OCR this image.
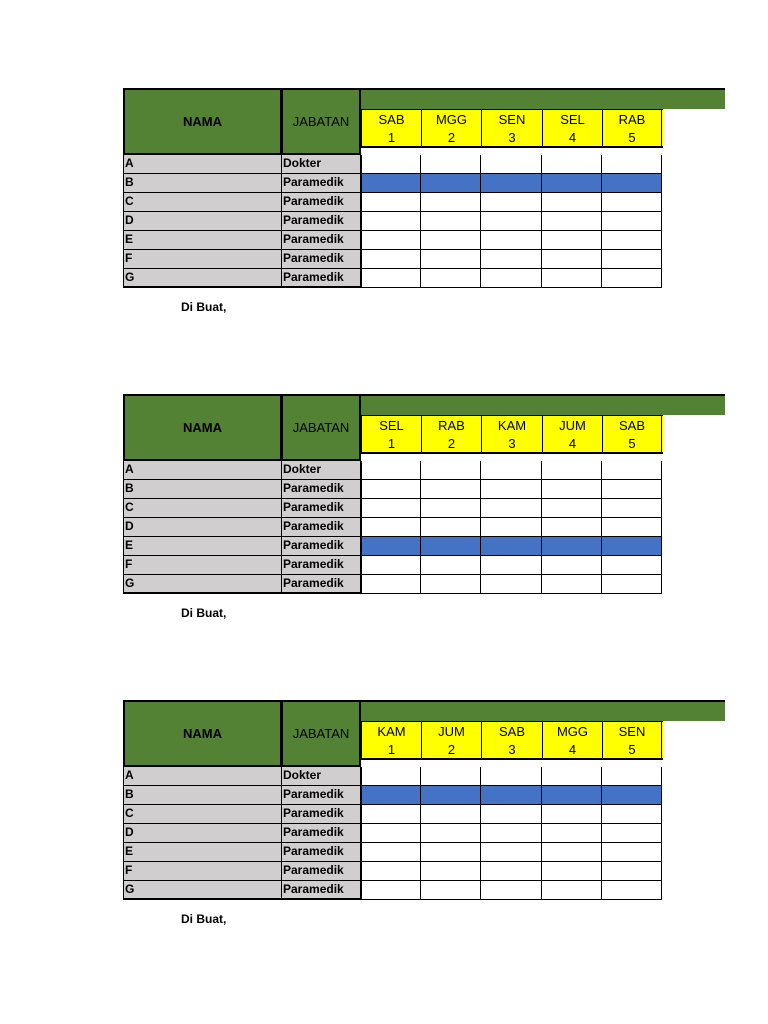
NAMA	JABATAN	SAB	MGG	SEN	SEL	RAB
1	2	3	4	5
A	Dokter
B	Paramedik
C	Paramedik
D	Paramedik
E	Paramedik
F	Paramedik
G	Paramedik
Di Buat,
NAMA	JABATAN	SEL	RAB	KAM	JUM	SAB
1	2	3	4	5
A	Dokter
B	Paramedik
C	Paramedik
D	Paramedik
E	Paramedik
F	Paramedik
G	Paramedik
Di Buat,
NAMA	JABATAN	KAM	JUM	SAB	MGG	SEN
1	2	3	4	5
A	Dokter
B	Paramedik
C	Paramedik
D	Paramedik
E	Paramedik
F	Paramedik
G	Paramedik
Di Buat,
